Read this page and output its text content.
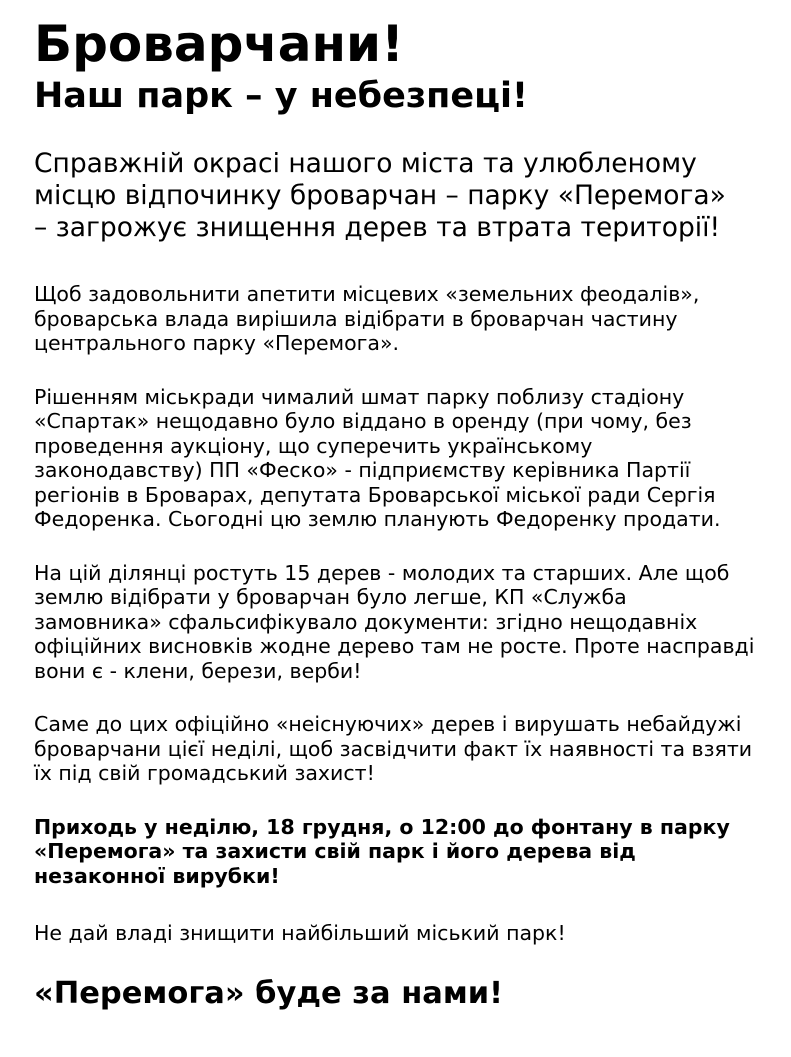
Броварчани!
Наш парк – у небезпеці!

Справжній окрасі нашого міста та улюбленому
місцю відпочинку броварчан – парку «Перемога»
– загрожує знищення дерев та втрата території!

Щоб задовольнити апетити місцевих «земельних феодалів»,
броварська влада вирішила відібрати в броварчан частину
центрального парку «Перемога».

Рішенням міськради чималий шмат парку поблизу стадіону
«Спартак» нещодавно було віддано в оренду (при чому, без
проведення аукціону, що суперечить українському
законодавству) ПП «Феско» - підприємству керівника Партії
регіонів в Броварах, депутата Броварської міської ради Сергія
Федоренка. Сьогодні цю землю планують Федоренку продати.

На цій ділянці ростуть 15 дерев - молодих та старших. Але щоб
землю відібрати у броварчан було легше, КП «Служба
замовника» сфальсифікувало документи: згідно нещодавніх
офіційних висновків жодне дерево там не росте. Проте насправді
вони є - клени, берези, верби!

Саме до цих офіційно «неіснуючих» дерев і вирушать небайдужі
броварчани цієї неділі, щоб засвідчити факт їх наявності та взяти
їх під свій громадський захист!

Приходь у неділю, 18 грудня, о 12:00 до фонтану в парку
«Перемога» та захисти свій парк і його дерева від
незаконної вирубки!

Не дай владі знищити найбільший міський парк!

«Перемога» буде за нами!
